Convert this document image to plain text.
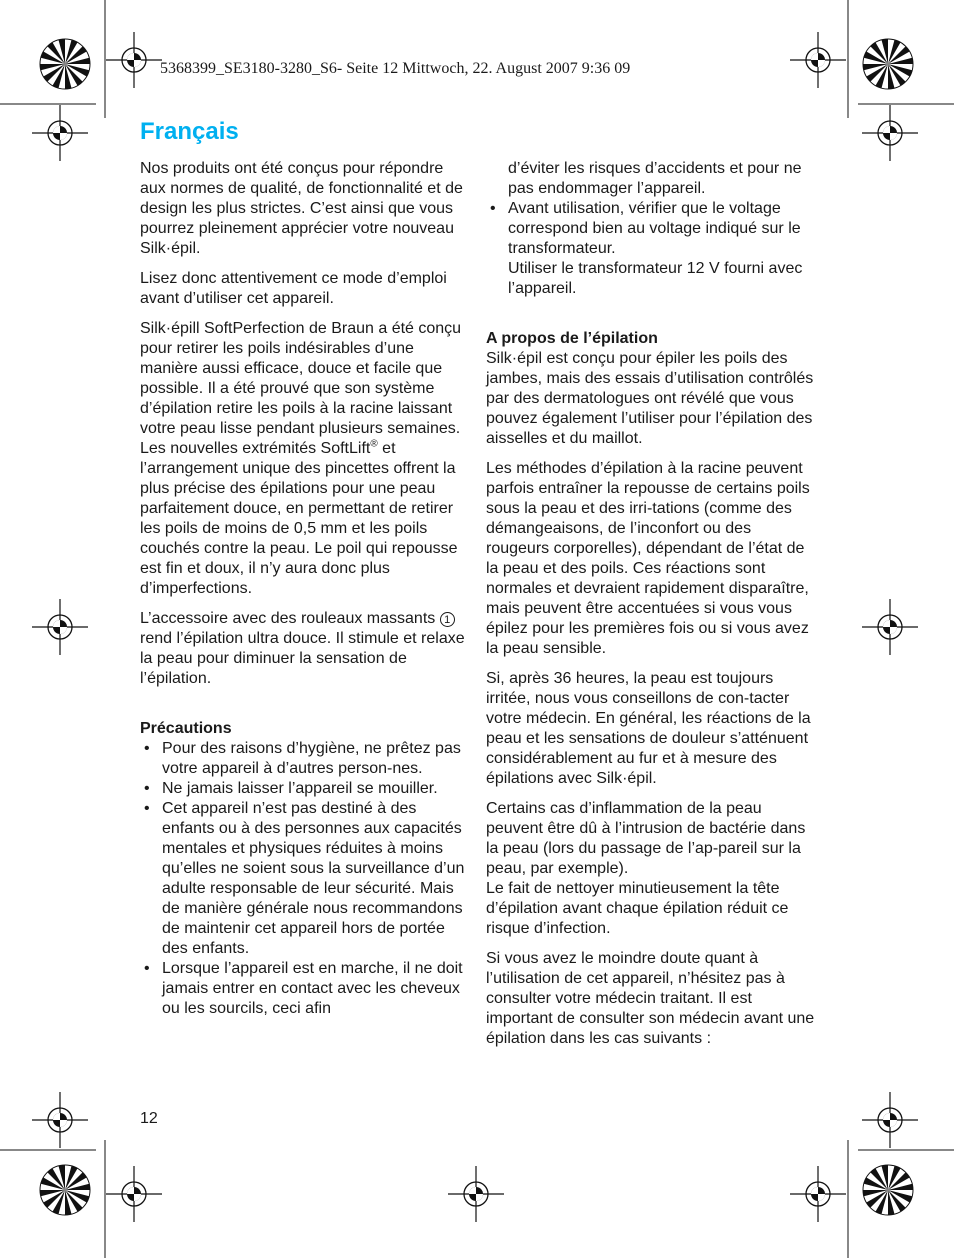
5368399_SE3180-3280_S6- Seite 12 Mittwoch, 22. August 2007 9:36 09
Français

Nos produits ont été conçus pour répondre aux normes de qualité, de fonctionnalité et de design les plus strictes. C’est ainsi que vous pourrez pleinement apprécier votre nouveau Silk·épil.

Lisez donc attentivement ce mode d’emploi avant d’utiliser cet appareil.

Silk·épill SoftPerfection de Braun a été conçu pour retirer les poils indésirables d’une manière aussi efficace, douce et facile que possible. Il a été prouvé que son système d’épilation retire les poils à la racine laissant votre peau lisse pendant plusieurs semaines. Les nouvelles extrémités SoftLift® et l’arrangement unique des pincettes offrent la plus précise des épilations pour une peau parfaitement douce, en permettant de retirer les poils de moins de 0,5 mm et les poils couchés contre la peau. Le poil qui repousse est fin et doux, il n’y aura donc plus d’imperfections.

L’accessoire avec des rouleaux massants 1 rend l’épilation ultra douce. Il stimule et relaxe la peau pour diminuer la sensation de l’épilation.

Précautions

• Pour des raisons d’hygiène, ne prêtez pas votre appareil à d’autres person-nes.
• Ne jamais laisser l’appareil se mouiller.
• Cet appareil n’est pas destiné à des enfants ou à des personnes aux capacités mentales et physiques réduites à moins qu’elles ne soient sous la surveillance d’un adulte responsable de leur sécurité. Mais de manière générale nous recommandons de maintenir cet appareil hors de portée des enfants.
• Lorsque l’appareil est en marche, il ne doit jamais entrer en contact avec les cheveux ou les sourcils, ceci afin
d’éviter les risques d’accidents et pour ne pas endommager l’appareil.
• Avant utilisation, vérifier que le voltage correspond bien au voltage indiqué sur le transformateur.
Utiliser le transformateur 12 V fourni avec l’appareil.

A propos de l’épilation

Silk·épil est conçu pour épiler les poils des jambes, mais des essais d’utilisation contrôlés par des dermatologues ont révélé que vous pouvez également l’utiliser pour l’épilation des aisselles et du maillot.

Les méthodes d’épilation à la racine peuvent parfois entraîner la repousse de certains poils sous la peau et des irri-tations (comme des démangeaisons, de l’inconfort ou des rougeurs corporelles), dépendant de l’état de la peau et des poils. Ces réactions sont normales et devraient rapidement disparaître, mais peuvent être accentuées si vous vous épilez pour les premières fois ou si vous avez la peau sensible.

Si, après 36 heures, la peau est toujours irritée, nous vous conseillons de con-tacter votre médecin. En général, les réactions de la peau et les sensations de douleur s’atténuent considérablement au fur et à mesure des épilations avec Silk·épil.

Certains cas d’inflammation de la peau peuvent être dû à l’intrusion de bactérie dans la peau (lors du passage de l’ap-pareil sur la peau, par exemple).
Le fait de nettoyer minutieusement la tête d’épilation avant chaque épilation réduit ce risque d’infection.

Si vous avez le moindre doute quant à l’utilisation de cet appareil, n’hésitez pas à consulter votre médecin traitant. Il est important de consulter son médecin avant une épilation dans les cas suivants :

12
